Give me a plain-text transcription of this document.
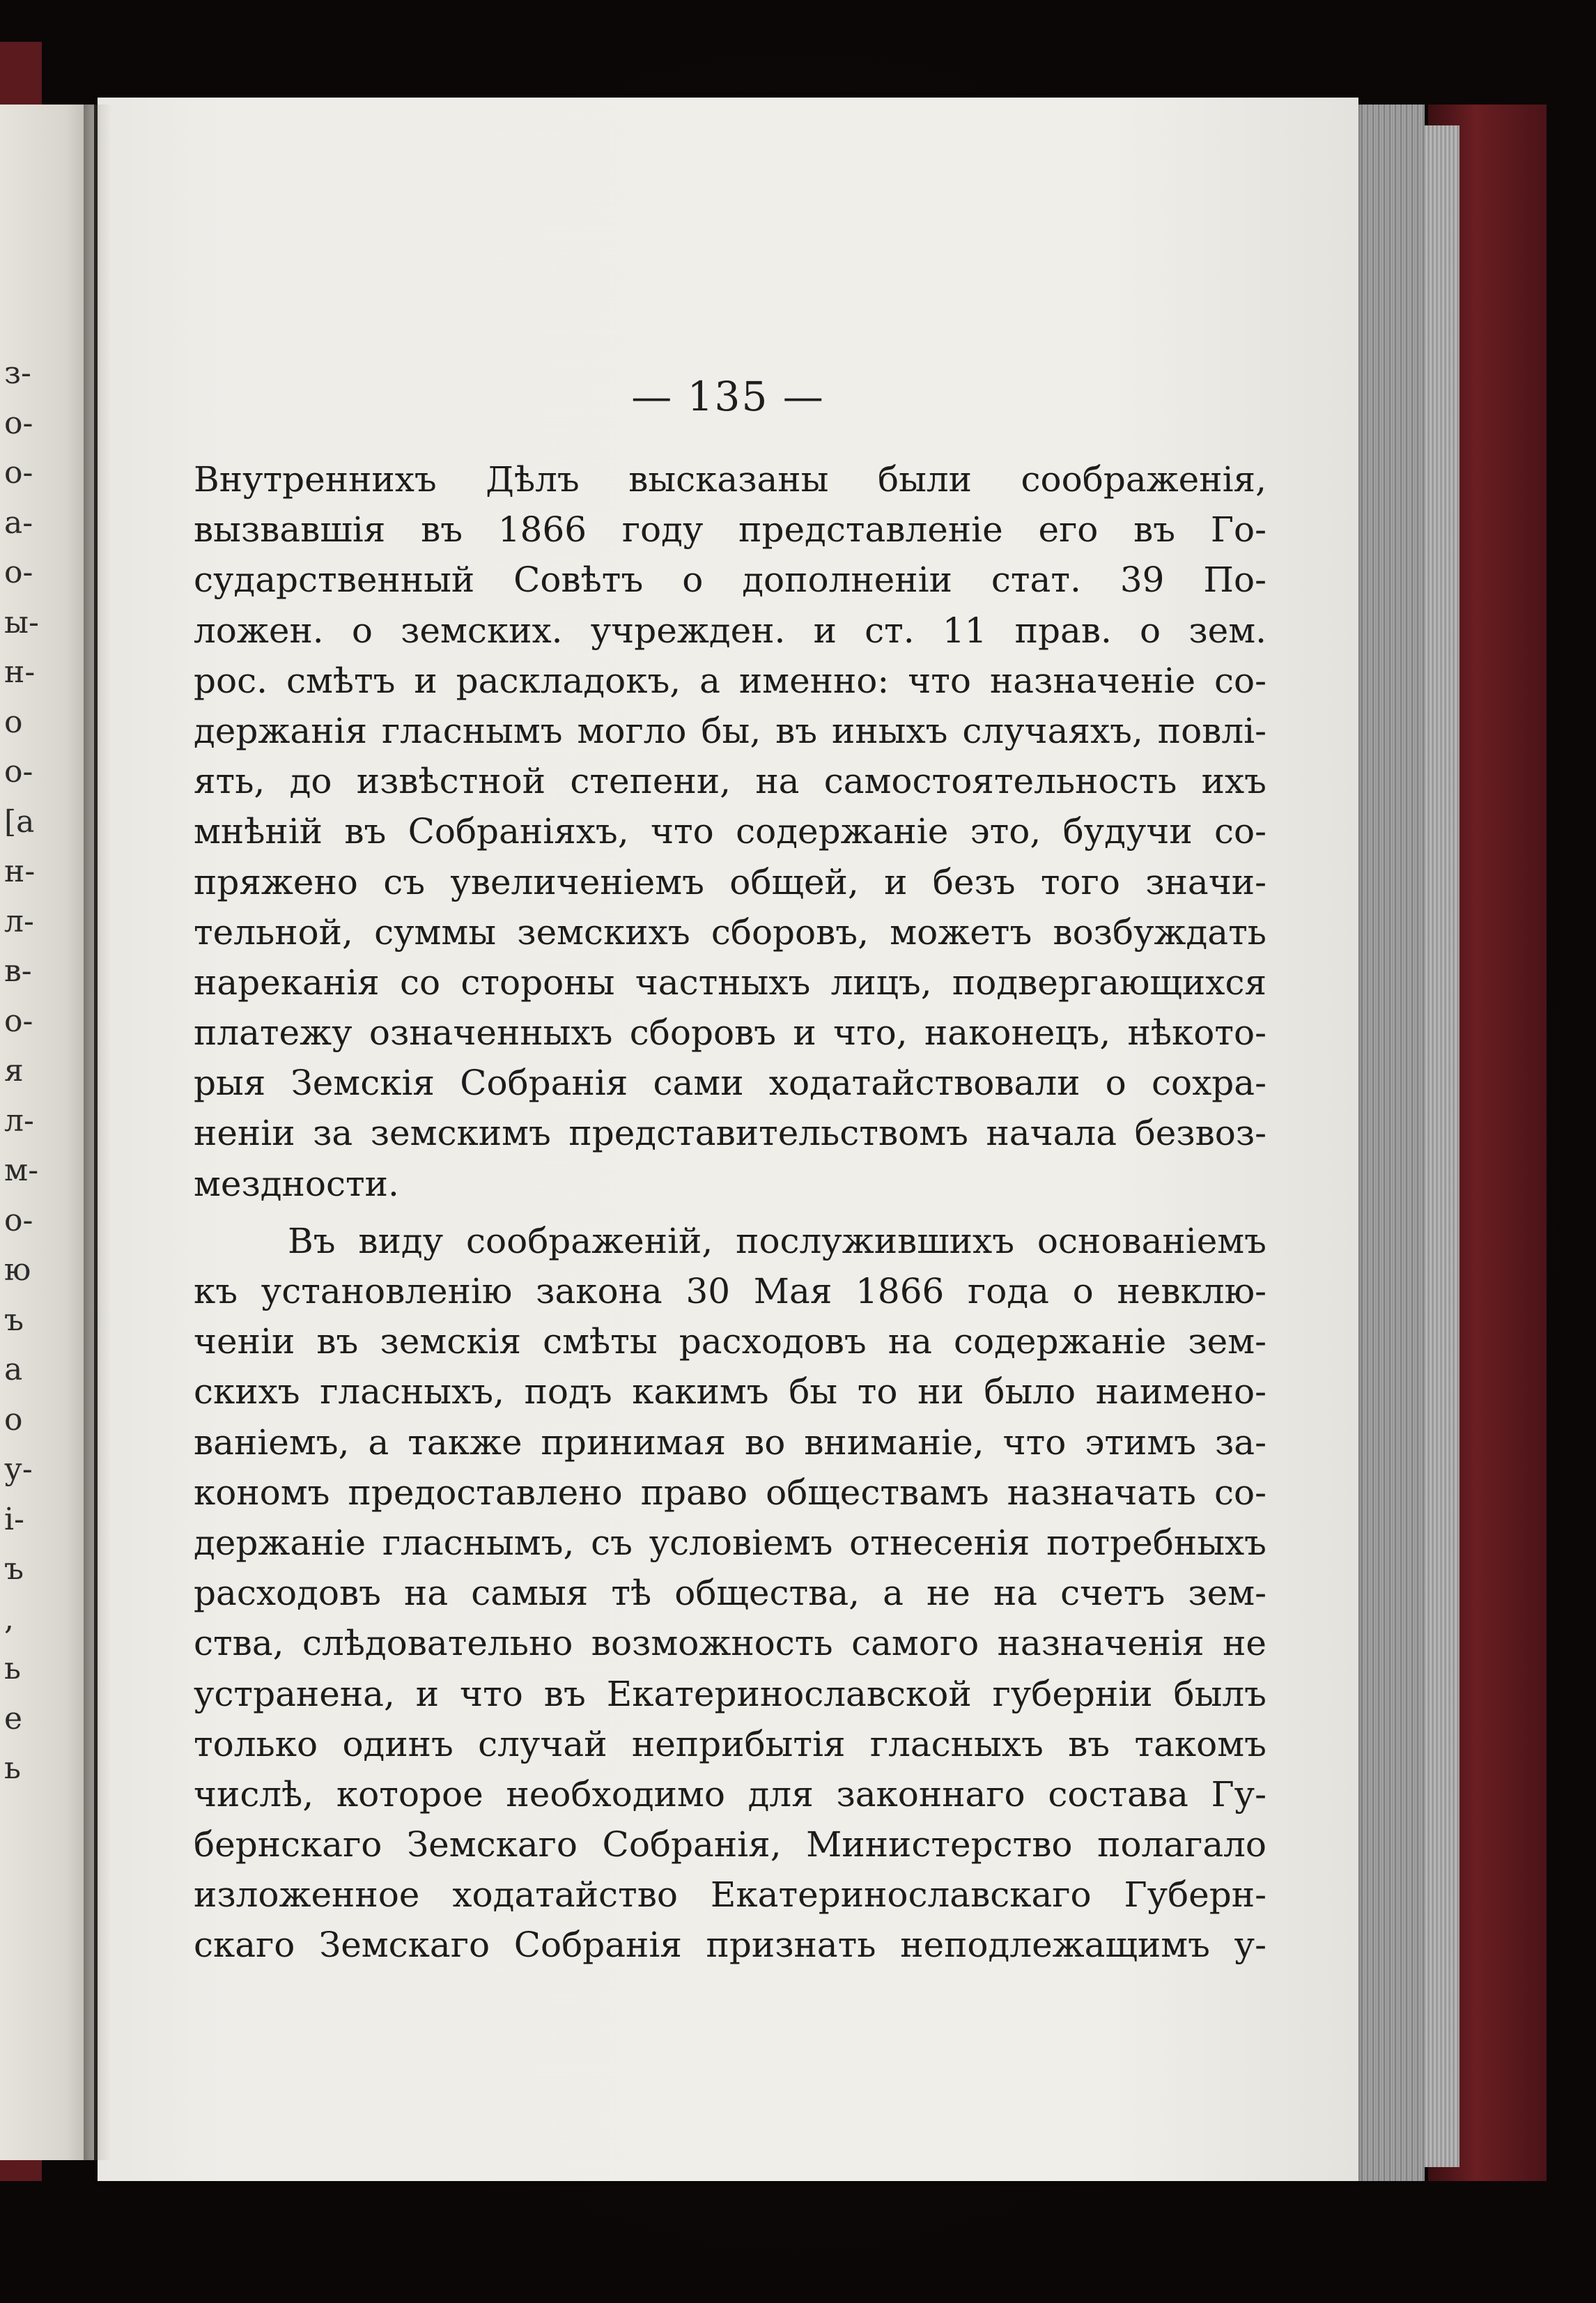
з-
о-
о-
а-
о-
ы-
н-
о
о-
[а
н-
л-
в-
о-
я
л-
м-
о-
ю
ъ
а
о
у-
і-
ъ
,
ь
е
ь
— 135 —
Внутреннихъ Дѣлъ высказаны были соображенія,
вызвавшія въ 1866 году представленіе его въ Го-
сударственный Совѣтъ о дополненіи стат. 39 По-
ложен. о земских. учрежден. и ст. 11 прав. о зем.
рос. смѣтъ и раскладокъ, а именно: что назначеніе со-
держанія гласнымъ могло бы, въ иныхъ случаяхъ, повлі-
ять, до извѣстной степени, на самостоятельность ихъ
мнѣній въ Собраніяхъ, что содержаніе это, будучи со-
пряжено съ увеличеніемъ общей, и безъ того значи-
тельной, суммы земскихъ сборовъ, можетъ возбуждать
нареканія со стороны частныхъ лицъ, подвергающихся
платежу означенныхъ сборовъ и что, наконецъ, нѣкото-
рыя Земскія Собранія сами ходатайствовали о сохра-
неніи за земскимъ представительствомъ начала безвоз-
мездности.
Въ виду соображеній, послужившихъ основаніемъ
къ установленію закона 30 Мая 1866 года о невклю-
ченіи въ земскія смѣты расходовъ на содержаніе зем-
скихъ гласныхъ, подъ какимъ бы то ни было наимено-
ваніемъ, а также принимая во вниманіе, что этимъ за-
кономъ предоставлено право обществамъ назначать со-
держаніе гласнымъ, съ условіемъ отнесенія потребныхъ
расходовъ на самыя тѣ общества, а не на счетъ зем-
ства, слѣдовательно возможность самого назначенія не
устранена, и что въ Екатеринославской губерніи былъ
только одинъ случай неприбытія гласныхъ въ такомъ
числѣ, которое необходимо для законнаго состава Гу-
бернскаго Земскаго Собранія, Министерство полагало
изложенное ходатайство Екатеринославскаго Губерн-
скаго Земскаго Собранія признать неподлежащимъ у-
